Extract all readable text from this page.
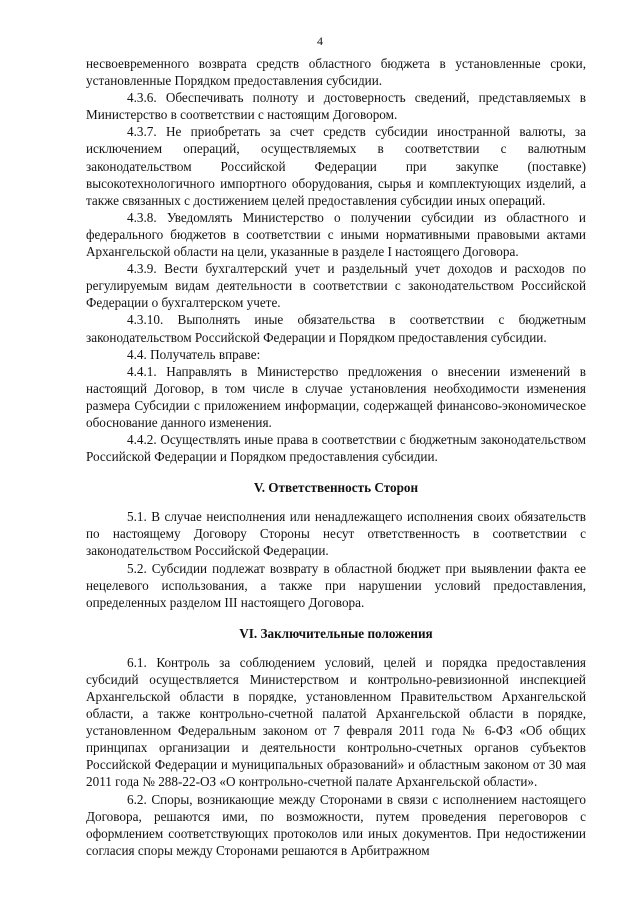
4

несвоевременного возврата средств областного бюджета в установленные сроки, установленные Порядком предоставления субсидии.

4.3.6. Обеспечивать полноту и достоверность сведений, представляемых в Министерство в соответствии с настоящим Договором.

4.3.7. Не приобретать за счет средств субсидии иностранной валюты, за исключением операций, осуществляемых в соответствии с валютным законодательством Российской Федерации при закупке (поставке) высокотехнологичного импортного оборудования, сырья и комплектующих изделий, а также связанных с достижением целей предоставления субсидии иных операций.

4.3.8. Уведомлять Министерство о получении субсидии из областного и федерального бюджетов в соответствии с иными нормативными правовыми актами Архангельской области на цели, указанные в разделе I настоящего Договора.

4.3.9. Вести бухгалтерский учет и раздельный учет доходов и расходов по регулируемым видам деятельности в соответствии с законодательством Российской Федерации о бухгалтерском учете.

4.3.10. Выполнять иные обязательства в соответствии с бюджетным законодательством Российской Федерации и Порядком предоставления субсидии.

4.4. Получатель вправе:

4.4.1. Направлять в Министерство предложения о внесении изменений в настоящий Договор, в том числе в случае установления необходимости изменения размера Субсидии с приложением информации, содержащей финансово-экономическое обоснование данного изменения.

4.4.2. Осуществлять иные права в соответствии с бюджетным законодательством Российской Федерации и Порядком предоставления субсидии.

V. Ответственность Сторон

5.1. В случае неисполнения или ненадлежащего исполнения своих обязательств по настоящему Договору Стороны несут ответственность в соответствии с законодательством Российской Федерации.

5.2. Субсидии подлежат возврату в областной бюджет при выявлении факта ее нецелевого использования, а также при нарушении условий предоставления, определенных разделом III настоящего Договора.

VI. Заключительные положения

6.1. Контроль за соблюдением условий, целей и порядка предоставления субсидий осуществляется Министерством и контрольно-ревизионной инспекцией Архангельской области в порядке, установленном Правительством Архангельской области, а также контрольно-счетной палатой Архангельской области в порядке, установленном Федеральным законом от 7 февраля 2011 года № 6-ФЗ «Об общих принципах организации и деятельности контрольно-счетных органов субъектов Российской Федерации и муниципальных образований» и областным законом от 30 мая 2011 года № 288-22-ОЗ «О контрольно-счетной палате Архангельской области».

6.2. Споры, возникающие между Сторонами в связи с исполнением настоящего Договора, решаются ими, по возможности, путем проведения переговоров с оформлением соответствующих протоколов или иных документов. При недостижении согласия споры между Сторонами решаются в Арбитражном
